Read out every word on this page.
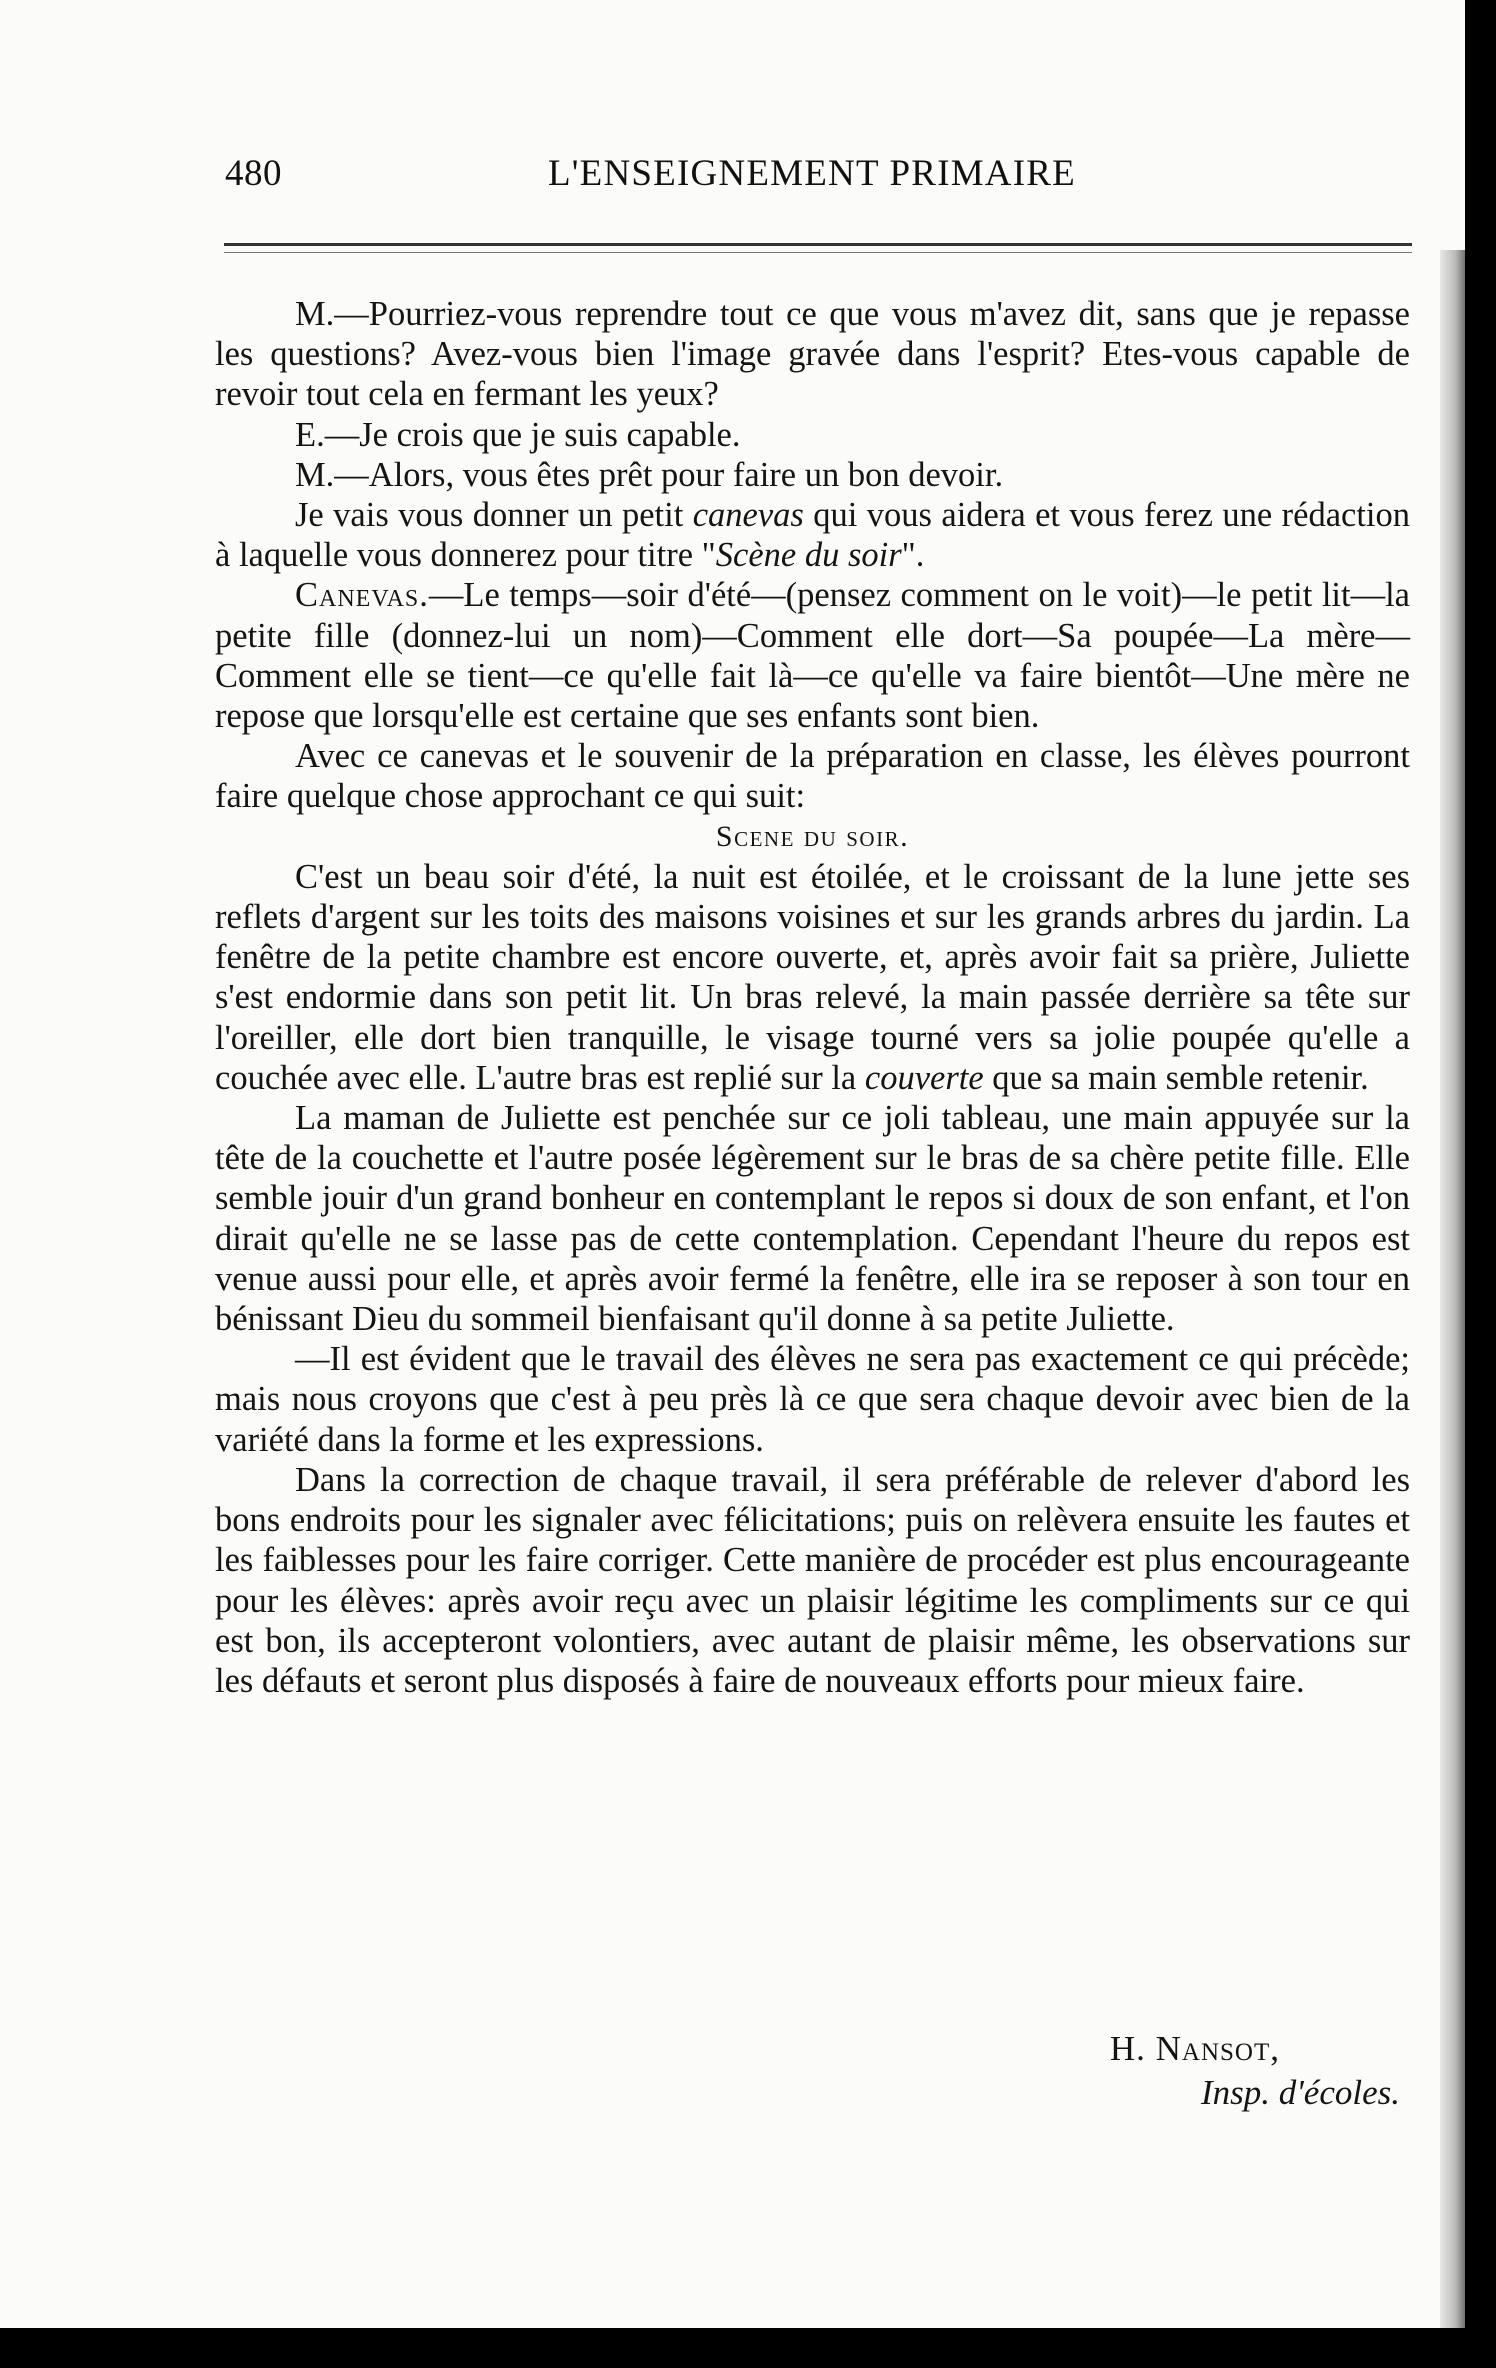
480	L'ENSEIGNEMENT PRIMAIRE

M.—Pourriez-vous reprendre tout ce que vous m'avez dit, sans que je repasse les questions? Avez-vous bien l'image gravée dans l'esprit? Etes-vous capable de revoir tout cela en fermant les yeux?

E.—Je crois que je suis capable.

M.—Alors, vous êtes prêt pour faire un bon devoir.

Je vais vous donner un petit canevas qui vous aidera et vous ferez une rédaction à laquelle vous donnerez pour titre "Scène du soir".

Canevas.—Le temps—soir d'été—(pensez comment on le voit)—le petit lit—la petite fille (donnez-lui un nom)—Comment elle dort—Sa poupée—La mère—Comment elle se tient—ce qu'elle fait là—ce qu'elle va faire bientôt—Une mère ne repose que lorsqu'elle est certaine que ses enfants sont bien.

Avec ce canevas et le souvenir de la préparation en classe, les élèves pourront faire quelque chose approchant ce qui suit:

Scene du soir.

C'est un beau soir d'été, la nuit est étoilée, et le croissant de la lune jette ses reflets d'argent sur les toits des maisons voisines et sur les grands arbres du jardin. La fenêtre de la petite chambre est encore ouverte, et, après avoir fait sa prière, Juliette s'est endormie dans son petit lit. Un bras relevé, la main passée derrière sa tête sur l'oreiller, elle dort bien tranquille, le visage tourné vers sa jolie poupée qu'elle a couchée avec elle. L'autre bras est replié sur la couverte que sa main semble retenir.

La maman de Juliette est penchée sur ce joli tableau, une main appuyée sur la tête de la couchette et l'autre posée légèrement sur le bras de sa chère petite fille. Elle semble jouir d'un grand bonheur en contemplant le repos si doux de son enfant, et l'on dirait qu'elle ne se lasse pas de cette contemplation. Cependant l'heure du repos est venue aussi pour elle, et après avoir fermé la fenêtre, elle ira se reposer à son tour en bénissant Dieu du sommeil bienfaisant qu'il donne à sa petite Juliette.

—Il est évident que le travail des élèves ne sera pas exactement ce qui précède; mais nous croyons que c'est à peu près là ce que sera chaque devoir avec bien de la variété dans la forme et les expressions.

Dans la correction de chaque travail, il sera préférable de relever d'abord les bons endroits pour les signaler avec félicitations; puis on relèvera ensuite les fautes et les faiblesses pour les faire corriger. Cette manière de procéder est plus encourageante pour les élèves: après avoir reçu avec un plaisir légitime les compliments sur ce qui est bon, ils accepteront volontiers, avec autant de plaisir même, les observations sur les défauts et seront plus disposés à faire de nouveaux efforts pour mieux faire.

H. Nansot,
Insp. d'écoles.
